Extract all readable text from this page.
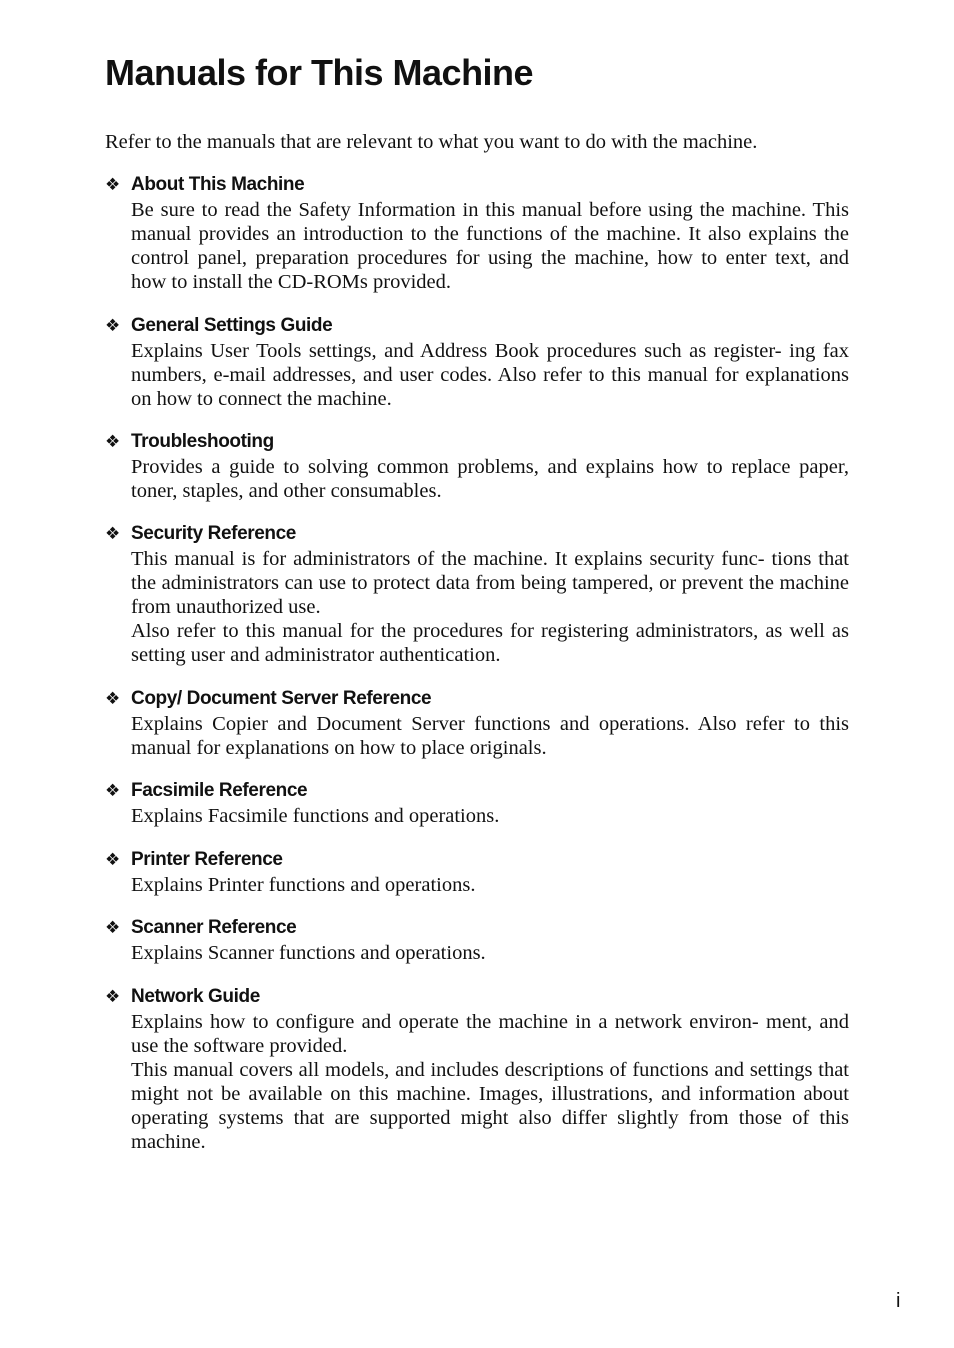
Manuals for This Machine

Refer to the manuals that are relevant to what you want to do with the machine.

❖ About This Machine

Be sure to read the Safety Information in this manual before using the machine. This manual provides an introduction to the functions of the machine. It also explains the control panel, preparation procedures for using the machine, how to enter text, and how to install the CD-ROMs provided.

❖ General Settings Guide

Explains User Tools settings, and Address Book procedures such as register- ing fax numbers, e-mail addresses, and user codes. Also refer to this manual for explanations on how to connect the machine.

❖ Troubleshooting

Provides a guide to solving common problems, and explains how to replace paper, toner, staples, and other consumables.

❖ Security Reference

This manual is for administrators of the machine. It explains security func- tions that the administrators can use to protect data from being tampered, or prevent the machine from unauthorized use.

Also refer to this manual for the procedures for registering administrators, as well as setting user and administrator authentication.

❖ Copy/ Document Server Reference

Explains Copier and Document Server functions and operations. Also refer to this manual for explanations on how to place originals.

❖ Facsimile Reference

Explains Facsimile functions and operations.

❖ Printer Reference

Explains Printer functions and operations.

❖ Scanner Reference

Explains Scanner functions and operations.

❖ Network Guide

Explains how to configure and operate the machine in a network environ- ment, and use the software provided.

This manual covers all models, and includes descriptions of functions and settings that might not be available on this machine. Images, illustrations, and information about operating systems that are supported might also differ slightly from those of this machine.

i
